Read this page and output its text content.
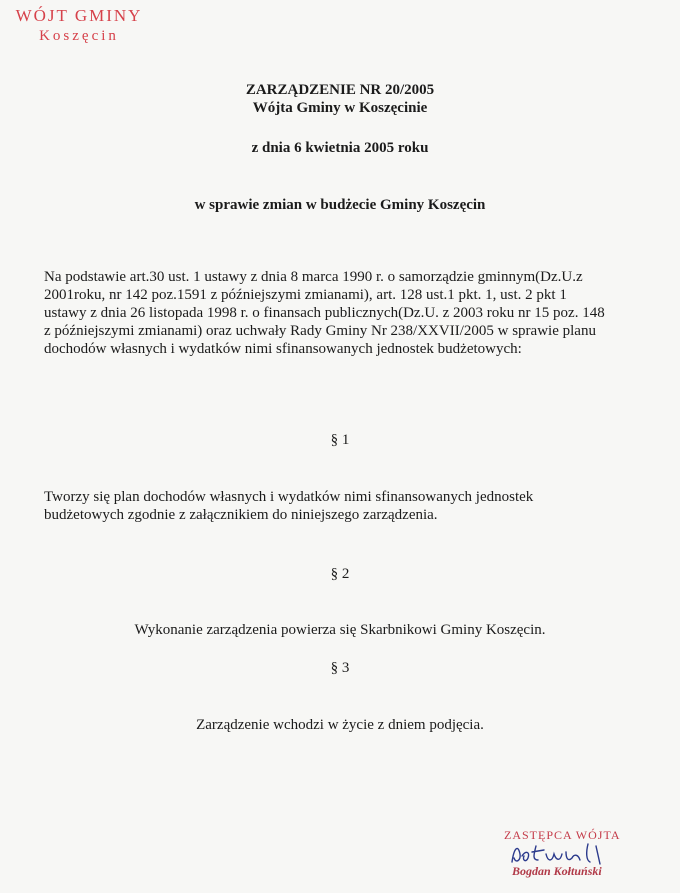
WÓJT GMINY
Koszęcin
ZARZĄDZENIE NR 20/2005
Wójta Gminy w Koszęcinie
z dnia 6 kwietnia 2005 roku
w sprawie zmian w budżecie Gminy Koszęcin
Na podstawie art.30 ust. 1 ustawy z dnia 8 marca 1990 r. o samorządzie gminnym(Dz.U.z
2001roku, nr 142 poz.1591 z późniejszymi zmianami), art. 128 ust.1 pkt. 1, ust. 2 pkt 1
ustawy z dnia 26 listopada 1998 r. o finansach publicznych(Dz.U. z 2003 roku nr 15 poz. 148
z późniejszymi zmianami) oraz uchwały Rady Gminy Nr 238/XXVII/2005 w sprawie planu
dochodów własnych i wydatków nimi sfinansowanych jednostek budżetowych:
§ 1
Tworzy się plan dochodów własnych i wydatków nimi sfinansowanych jednostek
budżetowych zgodnie z załącznikiem do niniejszego zarządzenia.
§ 2
Wykonanie zarządzenia powierza się Skarbnikowi Gminy Koszęcin.
§ 3
Zarządzenie wchodzi w życie z dniem podjęcia.
ZASTĘPCA WÓJTA
Bogdan Kołtuński
